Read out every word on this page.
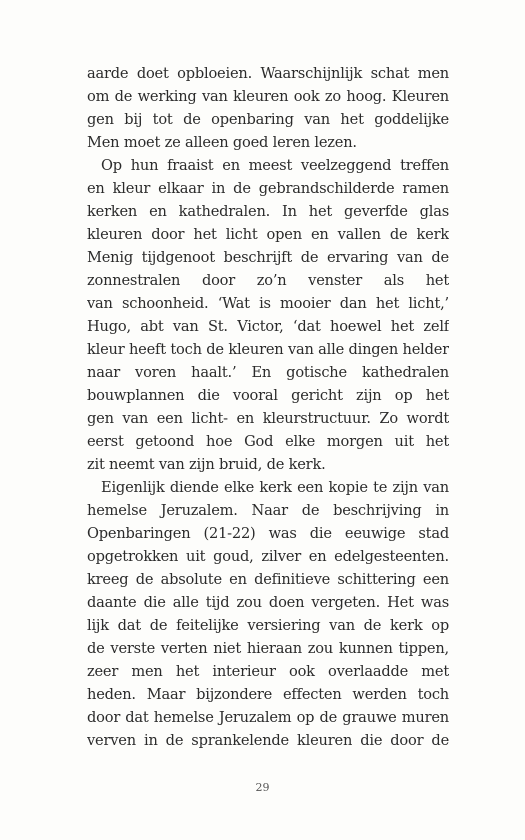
aarde doet opbloeien. Waarschijnlijk schat men
om de werking van kleuren ook zo hoog. Kleuren
gen bij tot de openbaring van het goddelijke
Men moet ze alleen goed leren lezen.
Op hun fraaist en meest veelzeggend treffen
en kleur elkaar in de gebrandschilderde ramen
kerken en kathedralen. In het geverfde glas
kleuren door het licht open en vallen de kerk
Menig tijdgenoot beschrijft de ervaring van de
zonnestralen door zo’n venster als het
van schoonheid. ‘Wat is mooier dan het licht,’
Hugo, abt van St. Victor, ‘dat hoewel het zelf
kleur heeft toch de kleuren van alle dingen helder
naar voren haalt.’ En gotische kathedralen
bouwplannen die vooral gericht zijn op het
gen van een licht- en kleurstructuur. Zo wordt
eerst getoond hoe God elke morgen uit het
zit neemt van zijn bruid, de kerk.
Eigenlijk diende elke kerk een kopie te zijn van
hemelse Jeruzalem. Naar de beschrijving in
Openbaringen (21-22) was die eeuwige stad
opgetrokken uit goud, zilver en edelgesteenten.
kreeg de absolute en definitieve schittering een
daante die alle tijd zou doen vergeten. Het was
lijk dat de feitelijke versiering van de kerk op
de verste verten niet hieraan zou kunnen tippen,
zeer men het interieur ook overlaadde met
heden. Maar bijzondere effecten werden toch
door dat hemelse Jeruzalem op de grauwe muren
verven in de sprankelende kleuren die door de
29
